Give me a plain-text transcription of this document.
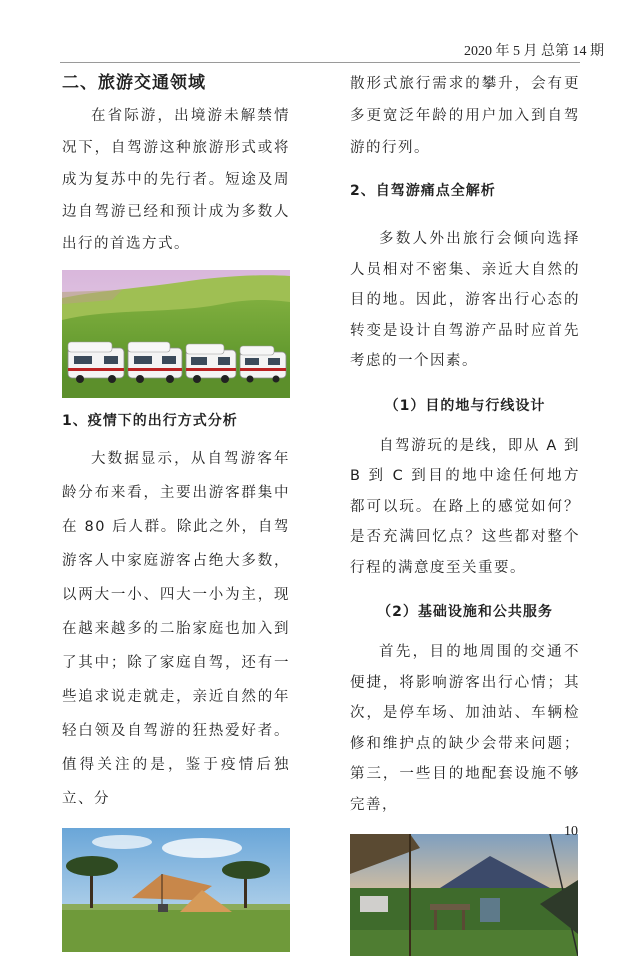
2020 年 5 月 总第 14 期
二、旅游交通领域

在省际游，出境游未解禁情况下，自驾游这种旅游形式或将成为复苏中的先行者。短途及周边自驾游已经和预计成为多数人出行的首选方式。

1、疫情下的出行方式分析

大数据显示，从自驾游客年龄分布来看，主要出游客群集中在 80 后人群。除此之外，自驾游客人中家庭游客占绝大多数，以两大一小、四大一小为主，现在越来越多的二胎家庭也加入到了其中；除了家庭自驾，还有一些追求说走就走，亲近自然的年轻白领及自驾游的狂热爱好者。值得关注的是，鉴于疫情后独立、分

散形式旅行需求的攀升，会有更多更宽泛年龄的用户加入到自驾游的行列。

2、自驾游痛点全解析

多数人外出旅行会倾向选择人员相对不密集、亲近大自然的目的地。因此，游客出行心态的转变是设计自驾游产品时应首先考虑的一个因素。

（1）目的地与行线设计

自驾游玩的是线，即从 A 到 B 到 C 到目的地中途任何地方都可以玩。在路上的感觉如何？是否充满回忆点？这些都对整个行程的满意度至关重要。

（2）基础设施和公共服务

首先，目的地周围的交通不便捷，将影响游客出行心情；其次，是停车场、加油站、车辆检修和维护点的缺少会带来问题；第三，一些目的地配套设施不够完善，

10
